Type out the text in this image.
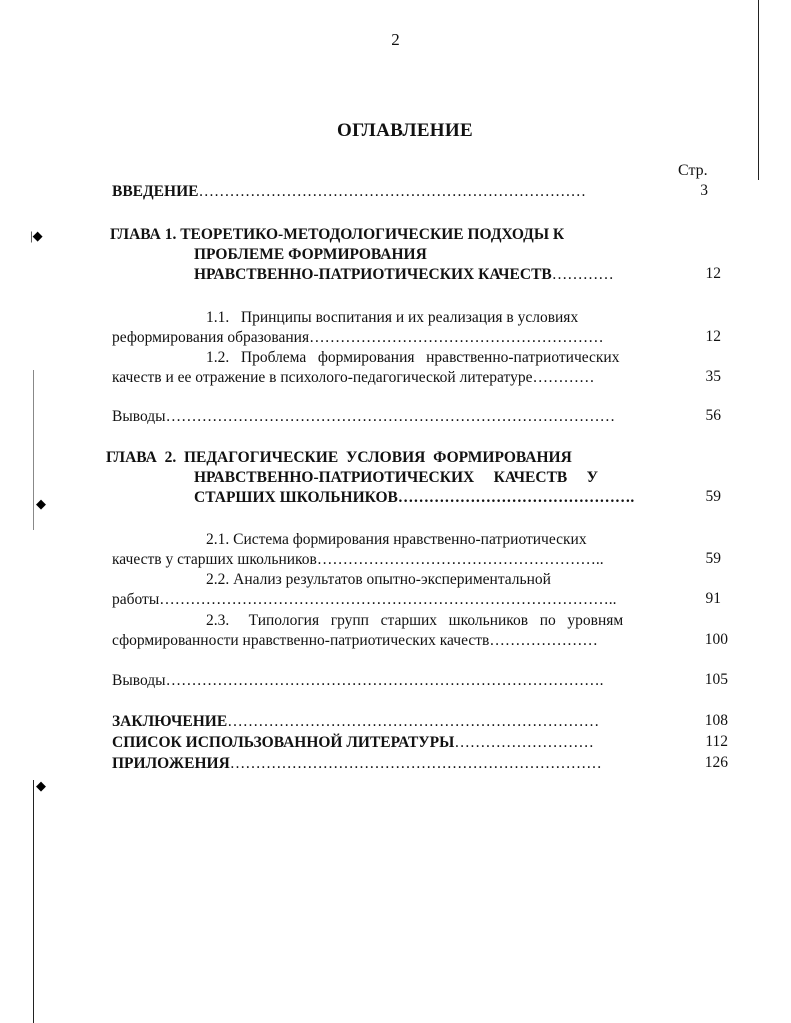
|◆
◆
◆
2
ОГЛАВЛЕНИЕ
Стр.
ВВЕДЕНИЕ…………………………………………………………………	3
ГЛАВА 1. ТЕОРЕТИКО-МЕТОДОЛОГИЧЕСКИЕ ПОДХОДЫ К
ПРОБЛЕМЕ ФОРМИРОВАНИЯ
НРАВСТВЕННО-ПАТРИОТИЧЕСКИХ КАЧЕСТВ…………	12
1.1.   Принципы воспитания и их реализация в условиях
реформирования образования…………………………………………………	12
1.2.   Проблема   формирования   нравственно-патриотических
качеств и ее отражение в психолого-педагогической литературе…………	35
Выводы……………………………………………………………………………	56
ГЛАВА  2.  ПЕДАГОГИЧЕСКИЕ  УСЛОВИЯ  ФОРМИРОВАНИЯ
НРАВСТВЕННО-ПАТРИОТИЧЕСКИХ     КАЧЕСТВ     У
СТАРШИХ ШКОЛЬНИКОВ……………………………………….	59
2.1. Система формирования нравственно-патриотических
качеств у старших школьников………………………………………………..	59
2.2. Анализ результатов опытно-экспериментальной
работы……………………………………………………………………………..	91
2.3.     Типология   групп   старших   школьников   по   уровням
сформированности нравственно-патриотических качеств…………………	100
Выводы………………………………………………………………………….	105
ЗАКЛЮЧЕНИЕ………………………………………………………………	108
СПИСОК ИСПОЛЬЗОВАННОЙ ЛИТЕРАТУРЫ………………………	112
ПРИЛОЖЕНИЯ………………………………………………………………	126
